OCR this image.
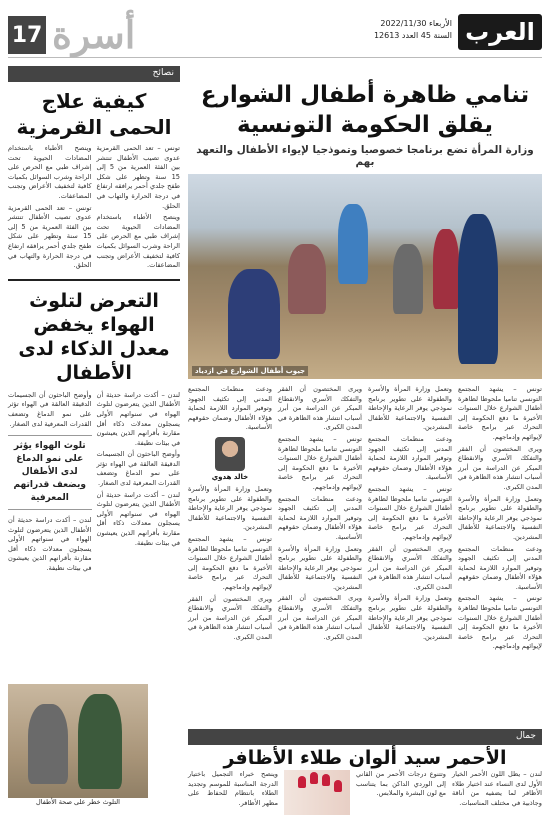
17 أسرة	العرب
الأربعاء 2022/11/30
السنة 45 العدد 12613
نصائح
كيفية علاج الحمى القرمزية

تونس – تعد الحمى القرمزية عدوى تصيب الأطفال تنتشر بين الفئة العمرية من 5 إلى 15 سنة وتظهر على شكل طفح جلدي أحمر يرافقه ارتفاع في درجة الحرارة والتهاب في الحلق.

وينصح الأطباء باستخدام المضادات الحيوية تحت إشراف طبي مع الحرص على الراحة وشرب السوائل بكميات كافية لتخفيف الأعراض وتجنب المضاعفات.

وينصح الأطباء باستخدام المضادات الحيوية تحت إشراف طبي مع الحرص على الراحة وشرب السوائل بكميات كافية لتخفيف الأعراض وتجنب المضاعفات.

تونس – تعد الحمى القرمزية عدوى تصيب الأطفال تنتشر بين الفئة العمرية من 5 إلى 15 سنة وتظهر على شكل طفح جلدي أحمر يرافقه ارتفاع في درجة الحرارة والتهاب في الحلق.

التعرض لتلوث الهواء يخفض معدل الذكاء لدى الأطفال

لندن – أكدت دراسة حديثة أن الأطفال الذين يتعرضون لتلوث الهواء في سنواتهم الأولى يسجلون معدلات ذكاء أقل مقارنة بأقرانهم الذين يعيشون في بيئات نظيفة.

وأوضح الباحثون أن الجسيمات الدقيقة العالقة في الهواء تؤثر على نمو الدماغ وتضعف القدرات المعرفية لدى الصغار.

لندن – أكدت دراسة حديثة أن الأطفال الذين يتعرضون لتلوث الهواء في سنواتهم الأولى يسجلون معدلات ذكاء أقل مقارنة بأقرانهم الذين يعيشون في بيئات نظيفة.

وأوضح الباحثون أن الجسيمات الدقيقة العالقة في الهواء تؤثر على نمو الدماغ وتضعف القدرات المعرفية لدى الصغار.

تلوث الهواء يؤثر على نمو الدماغ لدى الأطفال ويضعف قدراتهم المعرفية

لندن – أكدت دراسة حديثة أن الأطفال الذين يتعرضون لتلوث الهواء في سنواتهم الأولى يسجلون معدلات ذكاء أقل مقارنة بأقرانهم الذين يعيشون في بيئات نظيفة.

تنامي ظاهرة أطفال الشوارع
يقلق الحكومة التونسية
وزارة المرأة تضع برنامجا خصوصيا وتموذجيا لإيواء الأطفال والتعهد بهم
جيوب أطفال الشوارع في ازدياد

تونس – يشهد المجتمع التونسي تناميا ملحوظا لظاهرة أطفال الشوارع خلال السنوات الأخيرة ما دفع الحكومة إلى التحرك عبر برامج خاصة لإيوائهم وإدماجهم.

ويرى المختصون أن الفقر والتفكك الأسري والانقطاع المبكر عن الدراسة من أبرز أسباب انتشار هذه الظاهرة في المدن الكبرى.

وتعمل وزارة المرأة والأسرة والطفولة على تطوير برنامج نموذجي يوفر الرعاية والإحاطة النفسية والاجتماعية للأطفال المشردين.

ودعت منظمات المجتمع المدني إلى تكثيف الجهود وتوفير الموارد اللازمة لحماية هؤلاء الأطفال وضمان حقوقهم الأساسية.

تونس – يشهد المجتمع التونسي تناميا ملحوظا لظاهرة أطفال الشوارع خلال السنوات الأخيرة ما دفع الحكومة إلى التحرك عبر برامج خاصة لإيوائهم وإدماجهم.

وتعمل وزارة المرأة والأسرة والطفولة على تطوير برنامج نموذجي يوفر الرعاية والإحاطة النفسية والاجتماعية للأطفال المشردين.

ودعت منظمات المجتمع المدني إلى تكثيف الجهود وتوفير الموارد اللازمة لحماية هؤلاء الأطفال وضمان حقوقهم الأساسية.

تونس – يشهد المجتمع التونسي تناميا ملحوظا لظاهرة أطفال الشوارع خلال السنوات الأخيرة ما دفع الحكومة إلى التحرك عبر برامج خاصة لإيوائهم وإدماجهم.

ويرى المختصون أن الفقر والتفكك الأسري والانقطاع المبكر عن الدراسة من أبرز أسباب انتشار هذه الظاهرة في المدن الكبرى.

وتعمل وزارة المرأة والأسرة والطفولة على تطوير برنامج نموذجي يوفر الرعاية والإحاطة النفسية والاجتماعية للأطفال المشردين.

ويرى المختصون أن الفقر والتفكك الأسري والانقطاع المبكر عن الدراسة من أبرز أسباب انتشار هذه الظاهرة في المدن الكبرى.

تونس – يشهد المجتمع التونسي تناميا ملحوظا لظاهرة أطفال الشوارع خلال السنوات الأخيرة ما دفع الحكومة إلى التحرك عبر برامج خاصة لإيوائهم وإدماجهم.

ودعت منظمات المجتمع المدني إلى تكثيف الجهود وتوفير الموارد اللازمة لحماية هؤلاء الأطفال وضمان حقوقهم الأساسية.

وتعمل وزارة المرأة والأسرة والطفولة على تطوير برنامج نموذجي يوفر الرعاية والإحاطة النفسية والاجتماعية للأطفال المشردين.

ويرى المختصون أن الفقر والتفكك الأسري والانقطاع المبكر عن الدراسة من أبرز أسباب انتشار هذه الظاهرة في المدن الكبرى.

ودعت منظمات المجتمع المدني إلى تكثيف الجهود وتوفير الموارد اللازمة لحماية هؤلاء الأطفال وضمان حقوقهم الأساسية.

خالد هدوي

وتعمل وزارة المرأة والأسرة والطفولة على تطوير برنامج نموذجي يوفر الرعاية والإحاطة النفسية والاجتماعية للأطفال المشردين.

تونس – يشهد المجتمع التونسي تناميا ملحوظا لظاهرة أطفال الشوارع خلال السنوات الأخيرة ما دفع الحكومة إلى التحرك عبر برامج خاصة لإيوائهم وإدماجهم.

ويرى المختصون أن الفقر والتفكك الأسري والانقطاع المبكر عن الدراسة من أبرز أسباب انتشار هذه الظاهرة في المدن الكبرى.

التلوث خطر على صحة الأطفال
جمال
الأحمر سيد ألوان طلاء الأظافر

لندن – يظل اللون الأحمر الخيار الأول لدى النساء عند اختيار طلاء الأظافر لما يضفيه من أناقة وجاذبية في مختلف المناسبات.

وتتنوع درجات الأحمر من القاني إلى الوردي الداكن بما يتناسب مع لون البشرة والملابس.

وينصح خبراء التجميل باختيار الدرجة المناسبة للموسم وتجديد الطلاء بانتظام للحفاظ على مظهر الأظافر.
